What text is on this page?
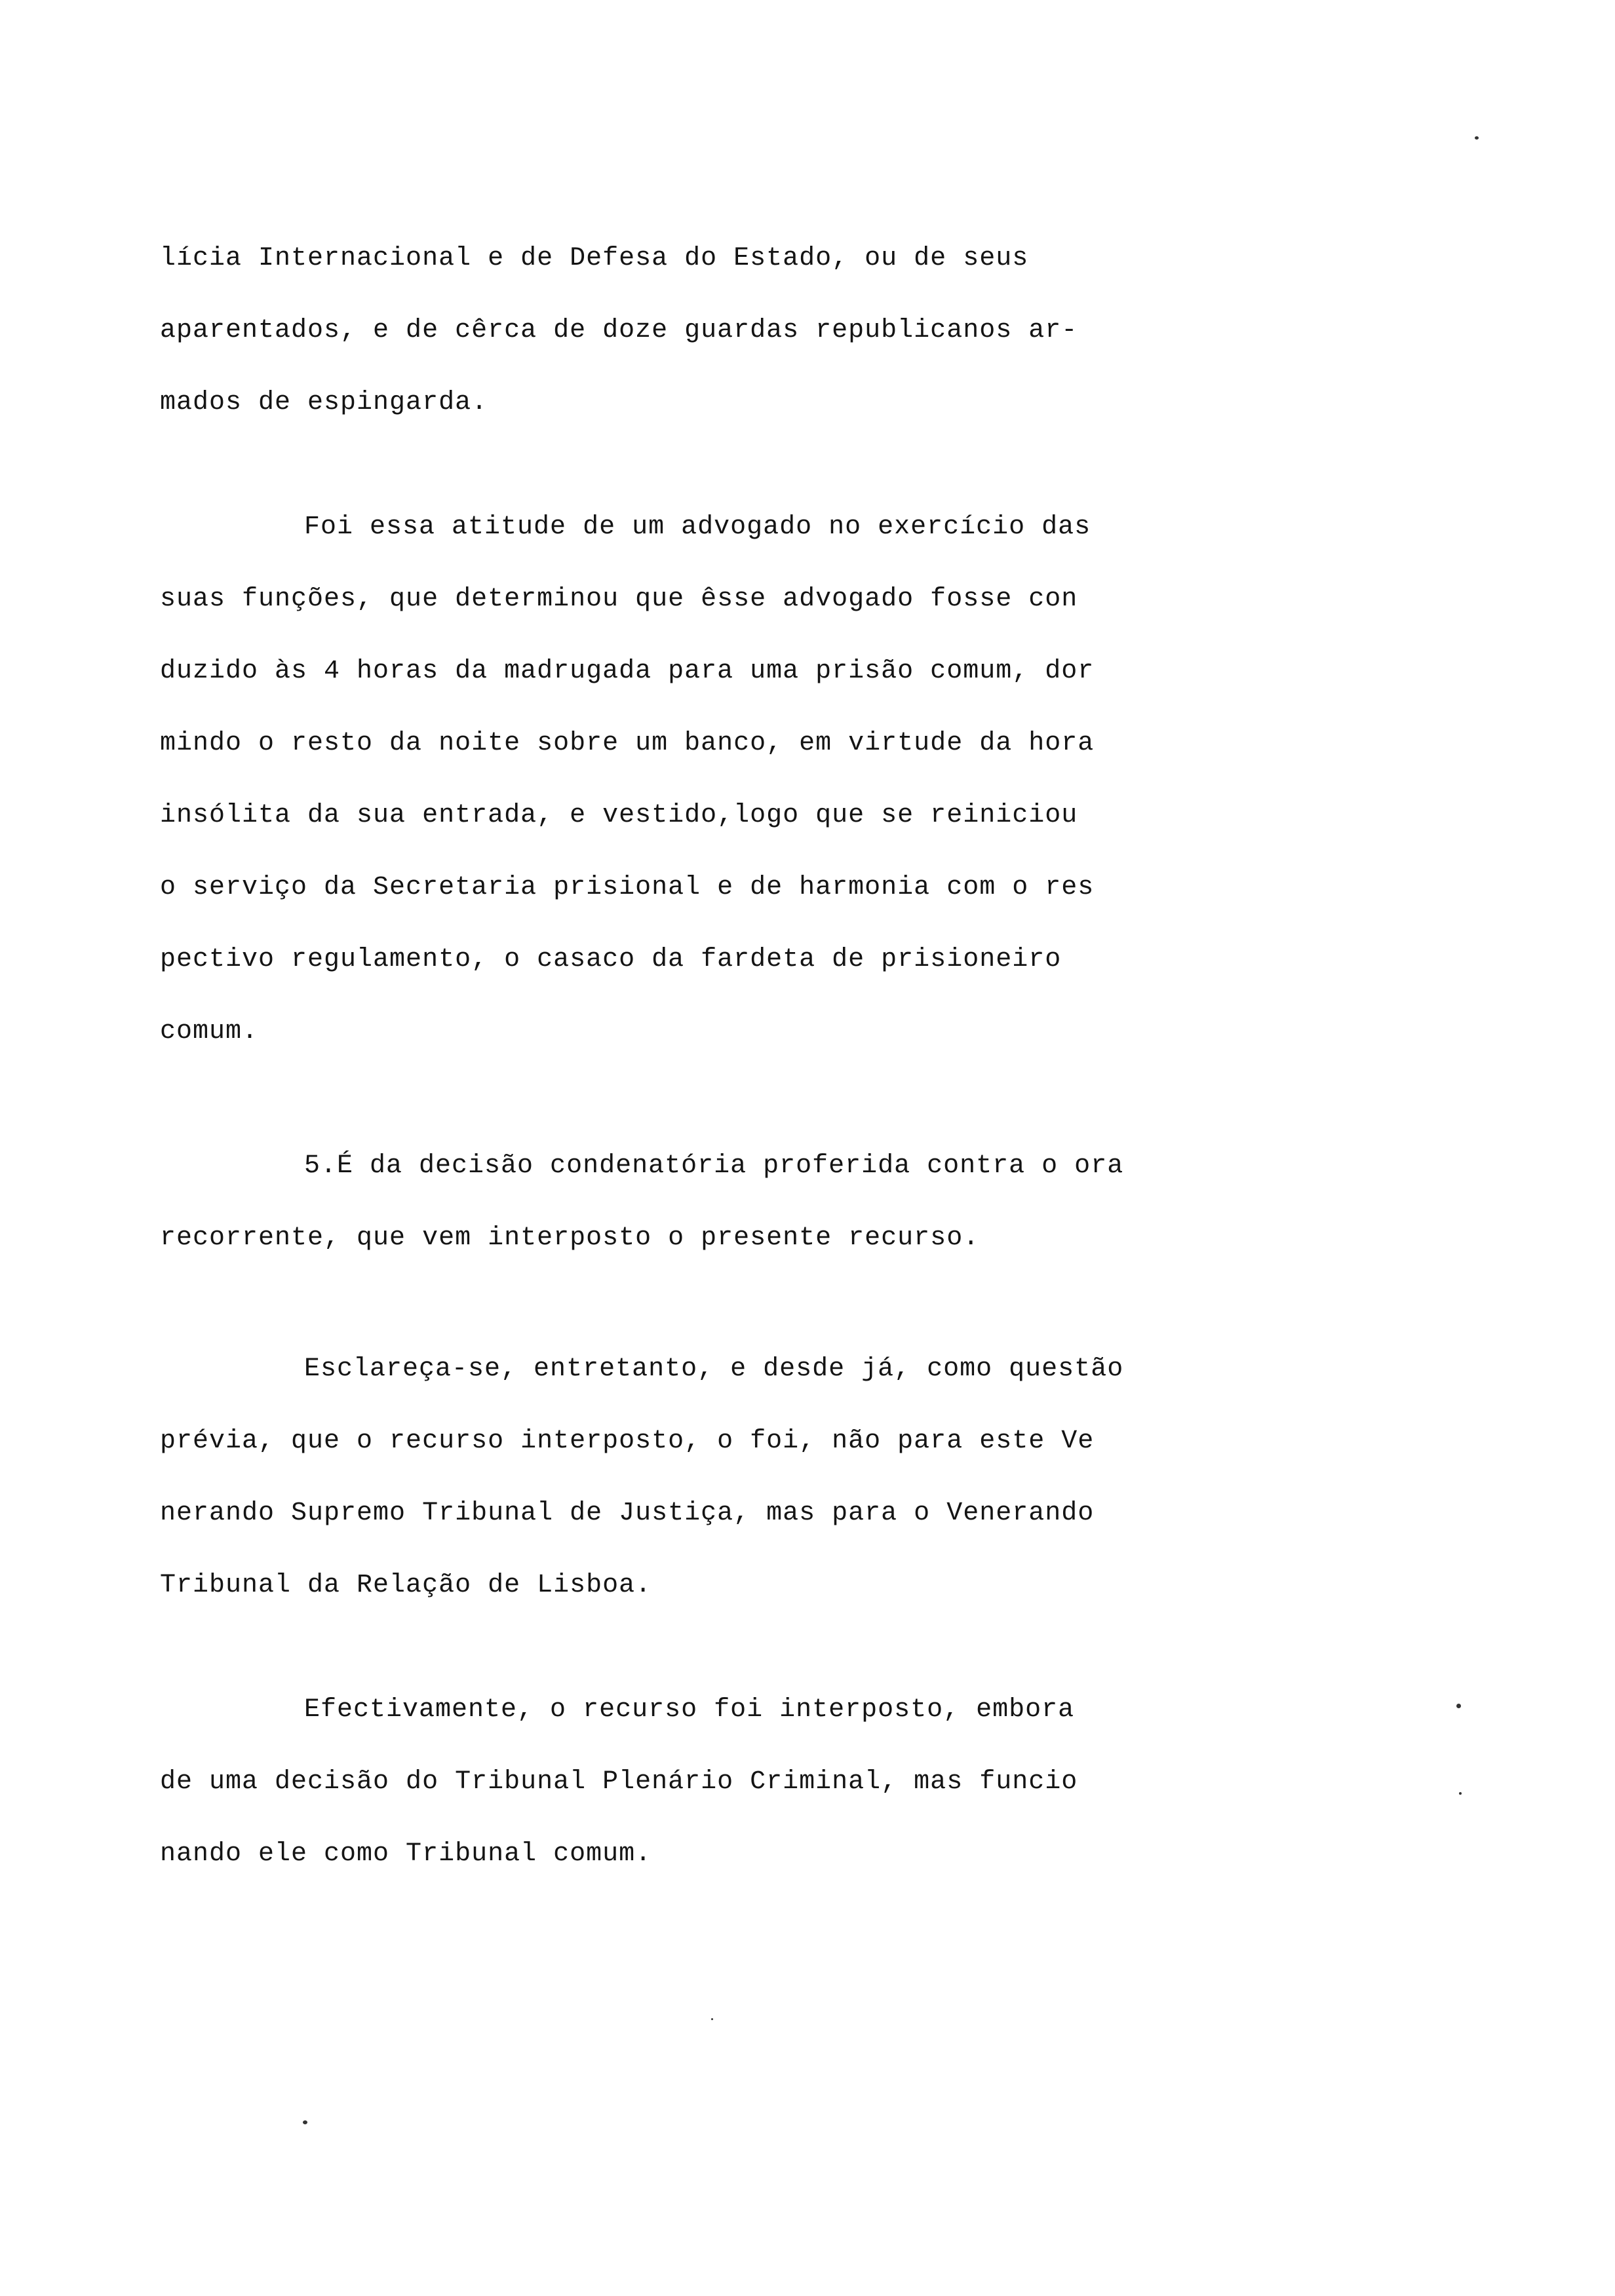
lícia Internacional e de Defesa do Estado, ou de seus
aparentados, e de cêrca de doze guardas republicanos ar-
mados de espingarda.
Foi essa atitude de um advogado no exercício das
suas funções, que determinou que êsse advogado fosse con
duzido às 4 horas da madrugada para uma prisão comum, dor
mindo o resto da noite sobre um banco, em virtude da hora
insólita da sua entrada, e vestido,logo que se reiniciou
o serviço da Secretaria prisional e de harmonia com o res
pectivo regulamento, o casaco da fardeta de prisioneiro
comum.
5.É da decisão condenatória proferida contra o ora
recorrente, que vem interposto o presente recurso.
Esclareça-se, entretanto, e desde já, como questão
prévia, que o recurso interposto, o foi, não para este Ve
nerando Supremo Tribunal de Justiça, mas para o Venerando
Tribunal da Relação de Lisboa.
Efectivamente, o recurso foi interposto, embora
de uma decisão do Tribunal Plenário Criminal, mas funcio
nando ele como Tribunal comum.
